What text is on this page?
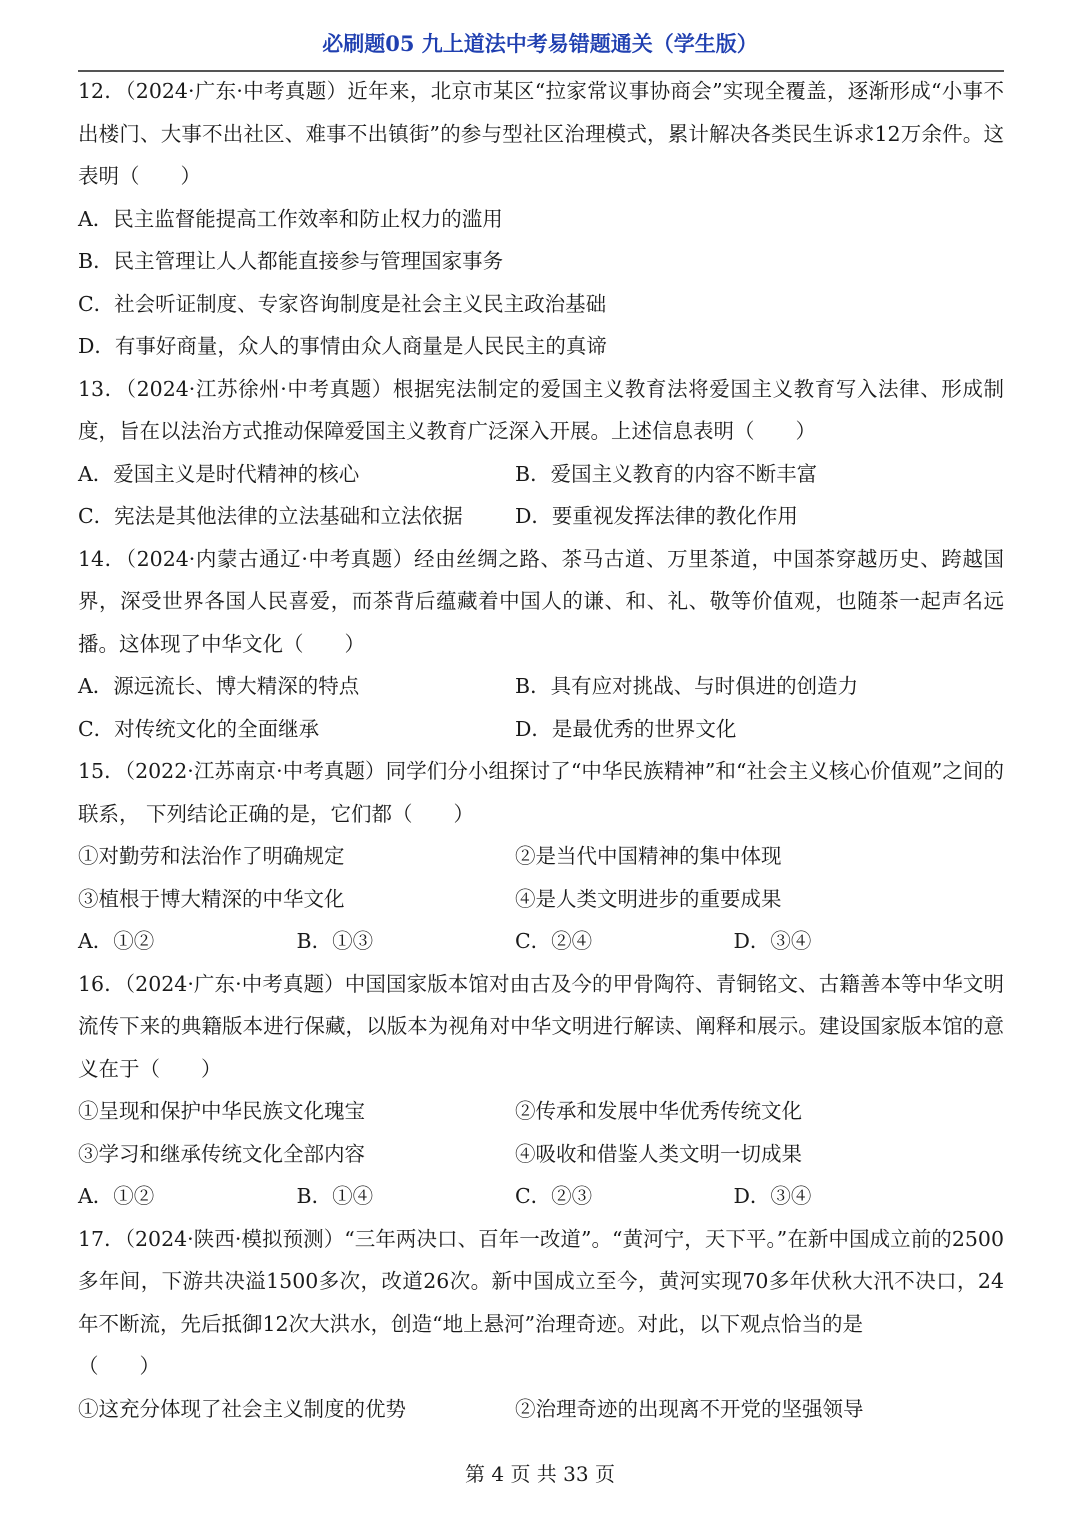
必刷题05 九上道法中考易错题通关（学生版）
12．（2024·广东·中考真题）近年来，北京市某区“拉家常议事协商会”实现全覆盖，逐渐形成“小事不出楼门、大事不出社区、难事不出镇街”的参与型社区治理模式，累计解决各类民生诉求12万余件。这表明（　　）
A．民主监督能提高工作效率和防止权力的滥用
B．民主管理让人人都能直接参与管理国家事务
C．社会听证制度、专家咨询制度是社会主义民主政治基础
D．有事好商量，众人的事情由众人商量是人民民主的真谛
13．（2024·江苏徐州·中考真题）根据宪法制定的爱国主义教育法将爱国主义教育写入法律、形成制度，旨在以法治方式推动保障爱国主义教育广泛深入开展。上述信息表明（　　）
A．爱国主义是时代精神的核心	B．爱国主义教育的内容不断丰富
C．宪法是其他法律的立法基础和立法依据	D．要重视发挥法律的教化作用
14．（2024·内蒙古通辽·中考真题）经由丝绸之路、茶马古道、万里茶道，中国茶穿越历史、跨越国界，深受世界各国人民喜爱，而茶背后蕴藏着中国人的谦、和、礼、敬等价值观，也随茶一起声名远播。这体现了中华文化（　　）
A．源远流长、博大精深的特点	B．具有应对挑战、与时俱进的创造力
C．对传统文化的全面继承	D．是最优秀的世界文化
15．（2022·江苏南京·中考真题）同学们分小组探讨了“中华民族精神”和“社会主义核心价值观”之间的联系， 下列结论正确的是，它们都（　　）
①对勤劳和法治作了明确规定	②是当代中国精神的集中体现
③植根于博大精深的中华文化	④是人类文明进步的重要成果
A．①②	B．①③	C．②④	D．③④
16．（2024·广东·中考真题）中国国家版本馆对由古及今的甲骨陶符、青铜铭文、古籍善本等中华文明流传下来的典籍版本进行保藏，以版本为视角对中华文明进行解读、阐释和展示。建设国家版本馆的意义在于（　　）
①呈现和保护中华民族文化瑰宝	②传承和发展中华优秀传统文化
③学习和继承传统文化全部内容	④吸收和借鉴人类文明一切成果
A．①②	B．①④	C．②③	D．③④
17．（2024·陕西·模拟预测）“三年两决口、百年一改道”。“黄河宁，天下平。”在新中国成立前的2500多年间，下游共决溢1500多次，改道26次。新中国成立至今，黄河实现70多年伏秋大汛不决口，24年不断流，先后抵御12次大洪水，创造“地上悬河”治理奇迹。对此，以下观点恰当的是
（　　）
①这充分体现了社会主义制度的优势	②治理奇迹的出现离不开党的坚强领导
第 4 页 共 33 页
